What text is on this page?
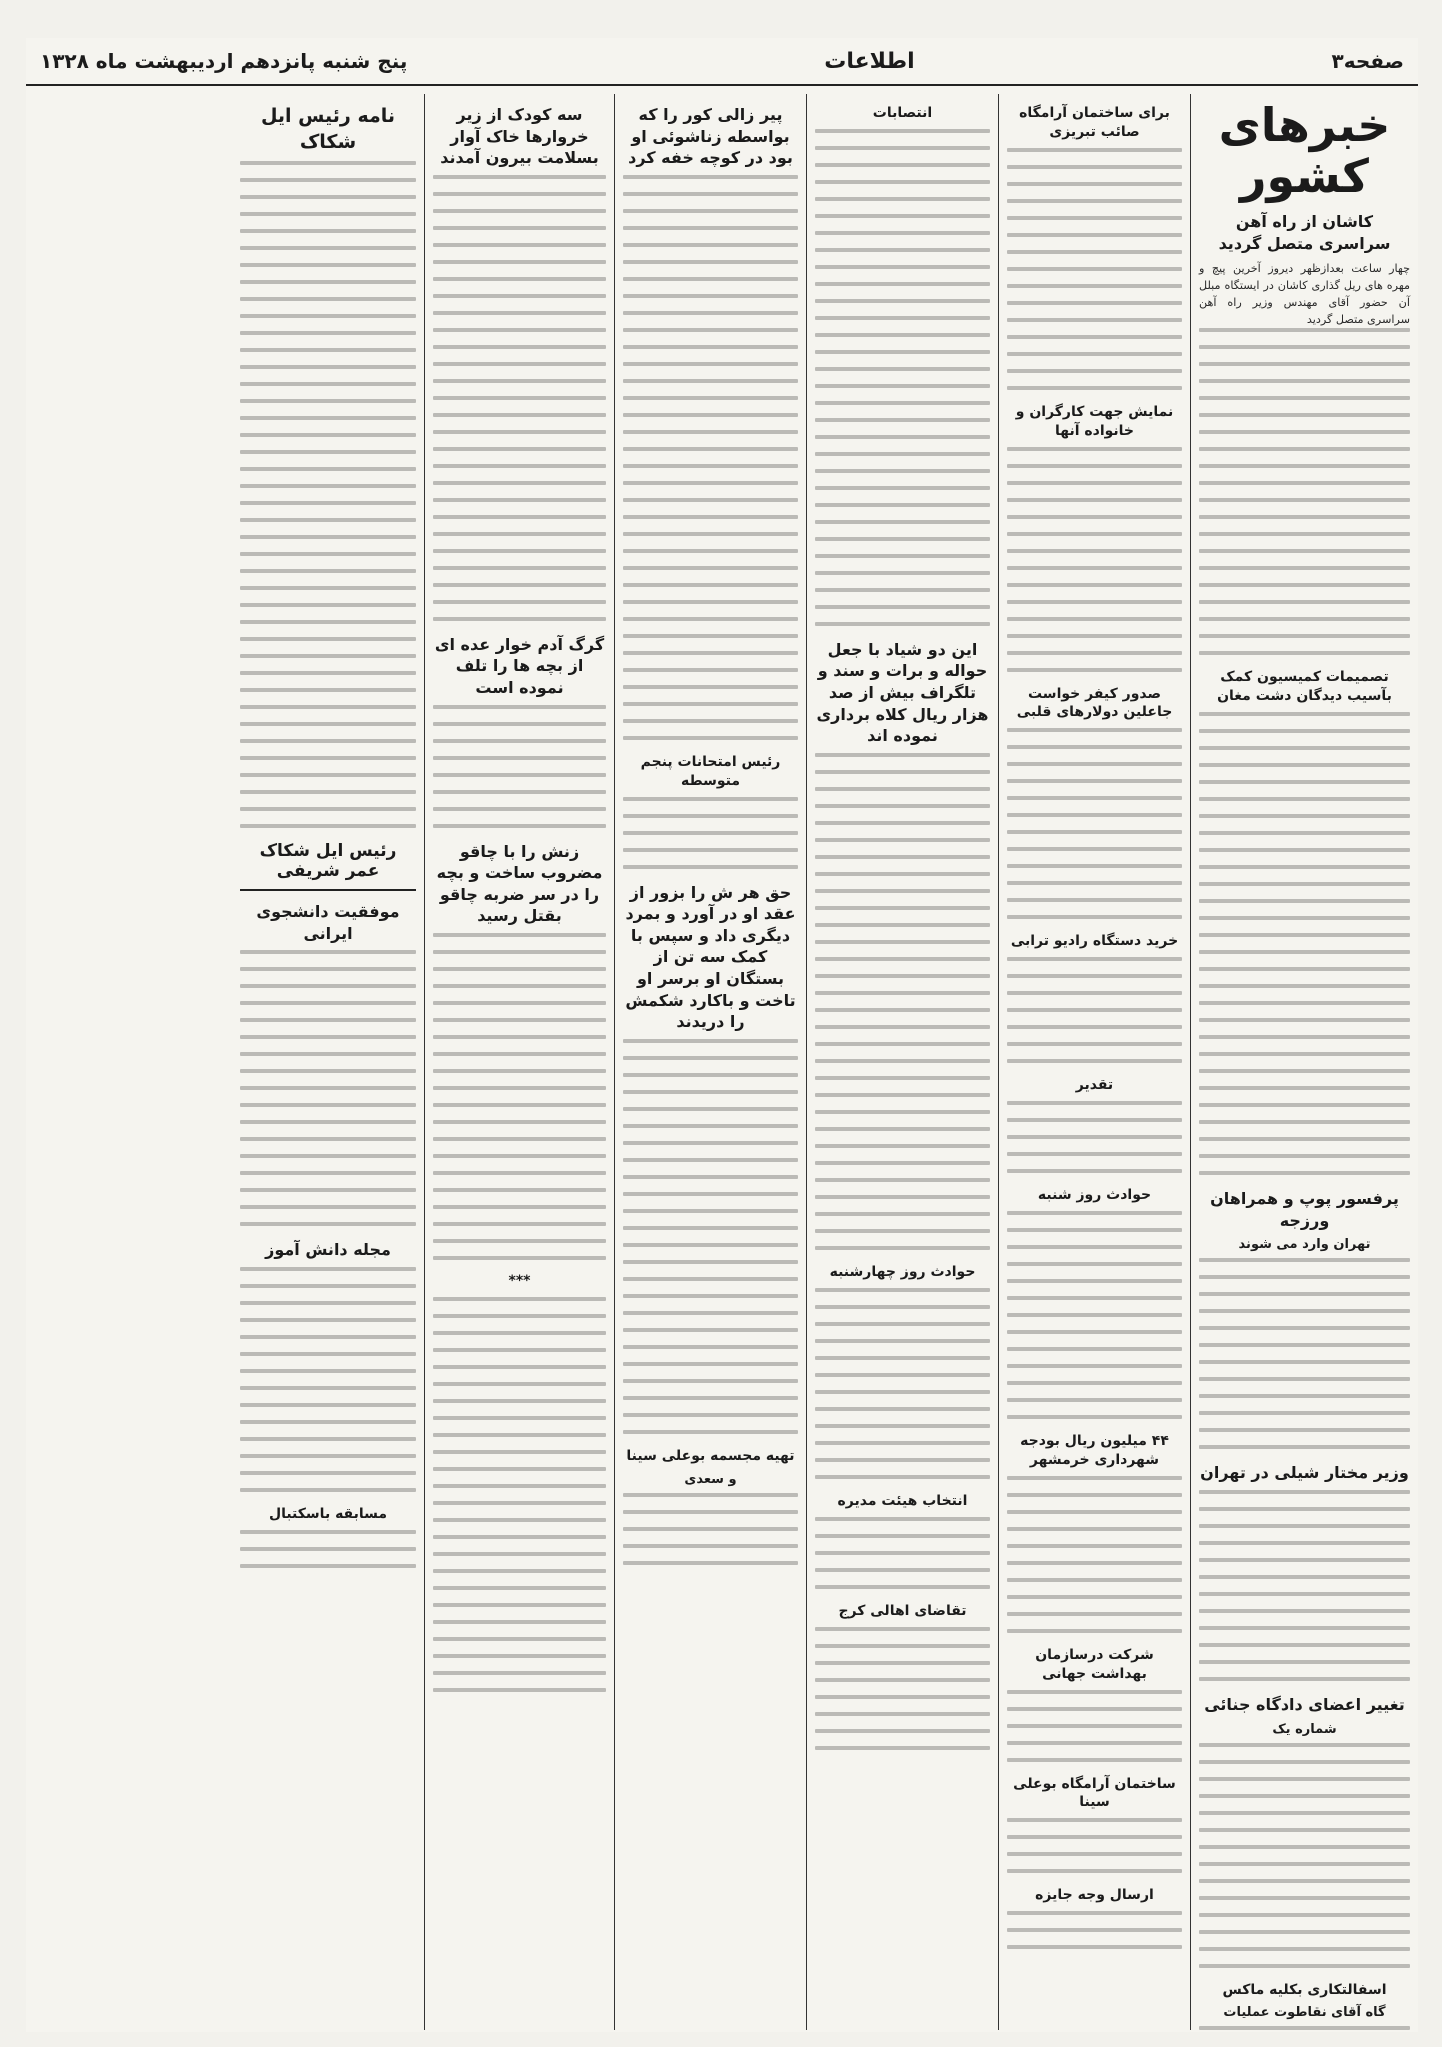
صفحه۳
اطلاعات
پنج شنبه پانزدهم اردیبهشت ماه ۱۳۲۸
خبرهای کشور
کاشان از راه آهن سراسری متصل گردید

چهار ساعت بعدازظهر دیروز آخرین پیچ و مهره های ریل گذاری کاشان در ایستگاه مبلل آن حضور آقای مهندس وزیر راه آهن سراسری متصل گردید

تصمیمات کمیسیون کمک بآسیب دیدگان دشت مغان
پرفسور پوپ و همراهان ورزجه
تهران وارد می شوند
وزیر مختار شیلی در تهران
تغییر اعضای دادگاه جنائی
شماره یک
اسفالتکاری بکلیه ماکس
گاه آقای نقاطوت عملیات
برای ساختمان آرامگاه صائب تبریزی
نمایش جهت کارگران و خانواده آنها
صدور کیفر خواست جاعلین دولارهای قلبی
خرید دستگاه رادیو ترابی
تقدیر
حوادث روز شنبه
۴۴ میلیون ریال بودجه شهرداری خرمشهر
شرکت درسازمان بهداشت جهانی
ساختمان آرامگاه بوعلی سینا
ارسال وجه جایزه
انتصابات
این دو شیاد با جعل حواله و برات و سند و تلگراف بیش از صد هزار ریال کلاه برداری نموده اند
حوادث روز چهارشنبه
انتخاب هیئت مدیره
تقاضای اهالی کرج
پیر زالی کور را که بواسطه زناشوئی او بود در کوچه خفه کرد
رئیس امتحانات پنجم متوسطه
حق هر ش را بزور از عقد او در آورد و بمرد دیگری داد و سپس با کمک سه تن از بستگان او برسر او تاخت و باکارد شکمش را دریدند
تهیه مجسمه بوعلی سینا
و سعدی
سه کودک از زیر خروارها خاک آوار بسلامت بیرون آمدند
گرگ آدم خوار عده ای از بچه ها را تلف نموده است
زنش را با چاقو مضروب ساخت و بچه را در سر ضربه چاقو بقتل رسید
***
نامه رئیس ایل شکاک
رئیس ایل شکاک عمر شریفی
موفقیت دانشجوی ایرانی
مجله دانش آموز
مسابقه باسکتبال
